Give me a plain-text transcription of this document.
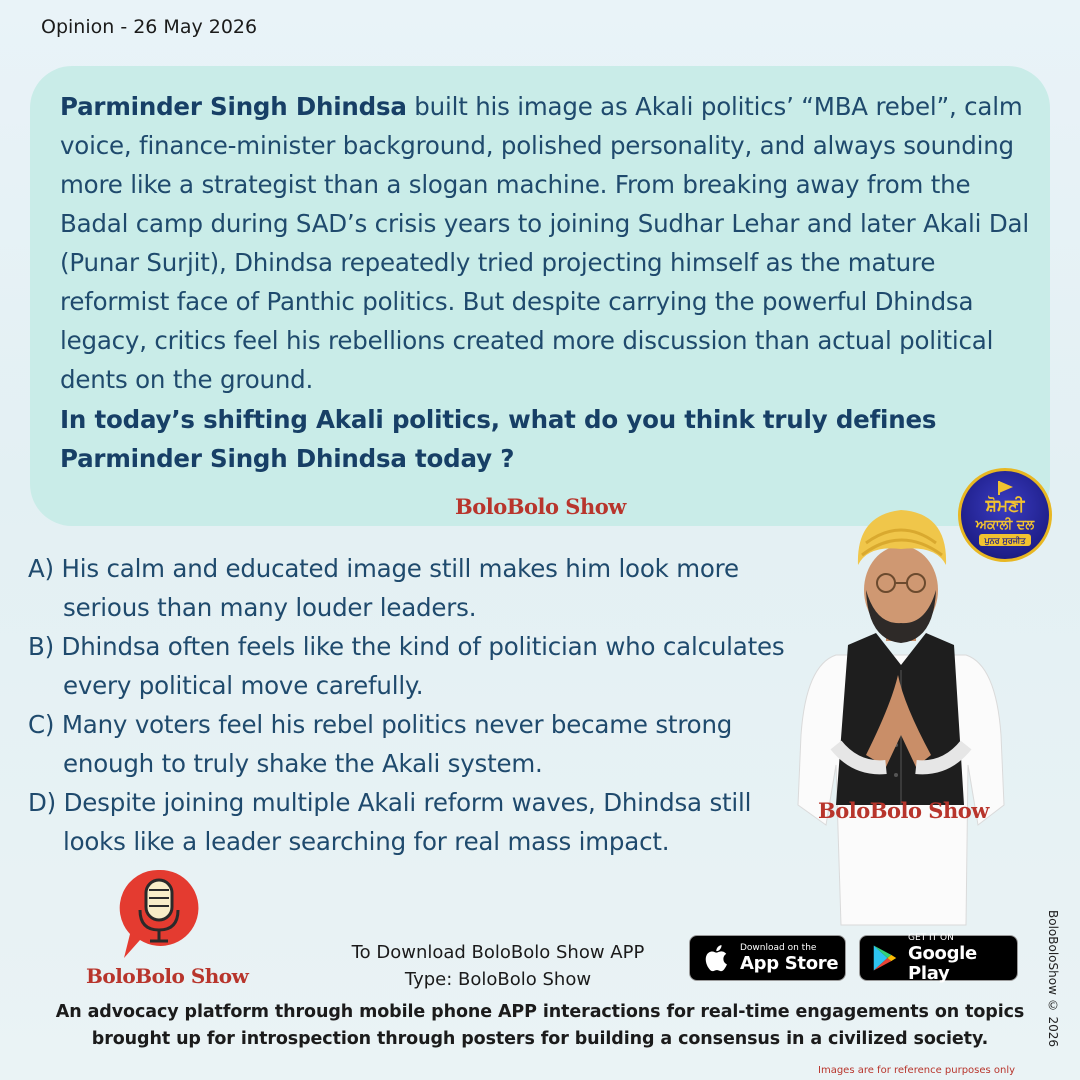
Opinion - 26 May 2026

Parminder Singh Dhindsa built his image as Akali politics’ “MBA rebel”, calm voice, finance-minister background, polished personality, and always sounding more like a strategist than a slogan machine. From breaking away from the Badal camp during SAD’s crisis years to joining Sudhar Lehar and later Akali Dal (Punar Surjit), Dhindsa repeatedly tried projecting himself as the mature reformist face of Panthic politics. But despite carrying the powerful Dhindsa legacy, critics feel his rebellions created more discussion than actual political dents on the ground.

In today’s shifting Akali politics, what do you think truly defines Parminder Singh Dhindsa today ?

BoloBolo Show
A) His calm and educated image still makes him look more serious than many louder leaders.
B) Dhindsa often feels like the kind of politician who calculates every political move carefully.
C) Many voters feel his rebel politics never became strong enough to truly shake the Akali system.
D) Despite joining multiple Akali reform waves, Dhindsa still looks like a leader searching for real mass impact.
ਸ਼ੋਮਣੀ
ਅਕਾਲੀ ਦਲ
ਪੁਨਰ ਸੁਰਜੀਤ
BoloBolo Show
BoloBolo Show
To Download BoloBolo Show APP
Type: BoloBolo Show
Download on the
App Store
GET IT ON
Google Play
An advocacy platform through mobile phone APP interactions for real-time engagements on topics brought up for introspection through posters for building a consensus in a civilized society.	BoloBoloShow © 2026
Images are for reference purposes only
